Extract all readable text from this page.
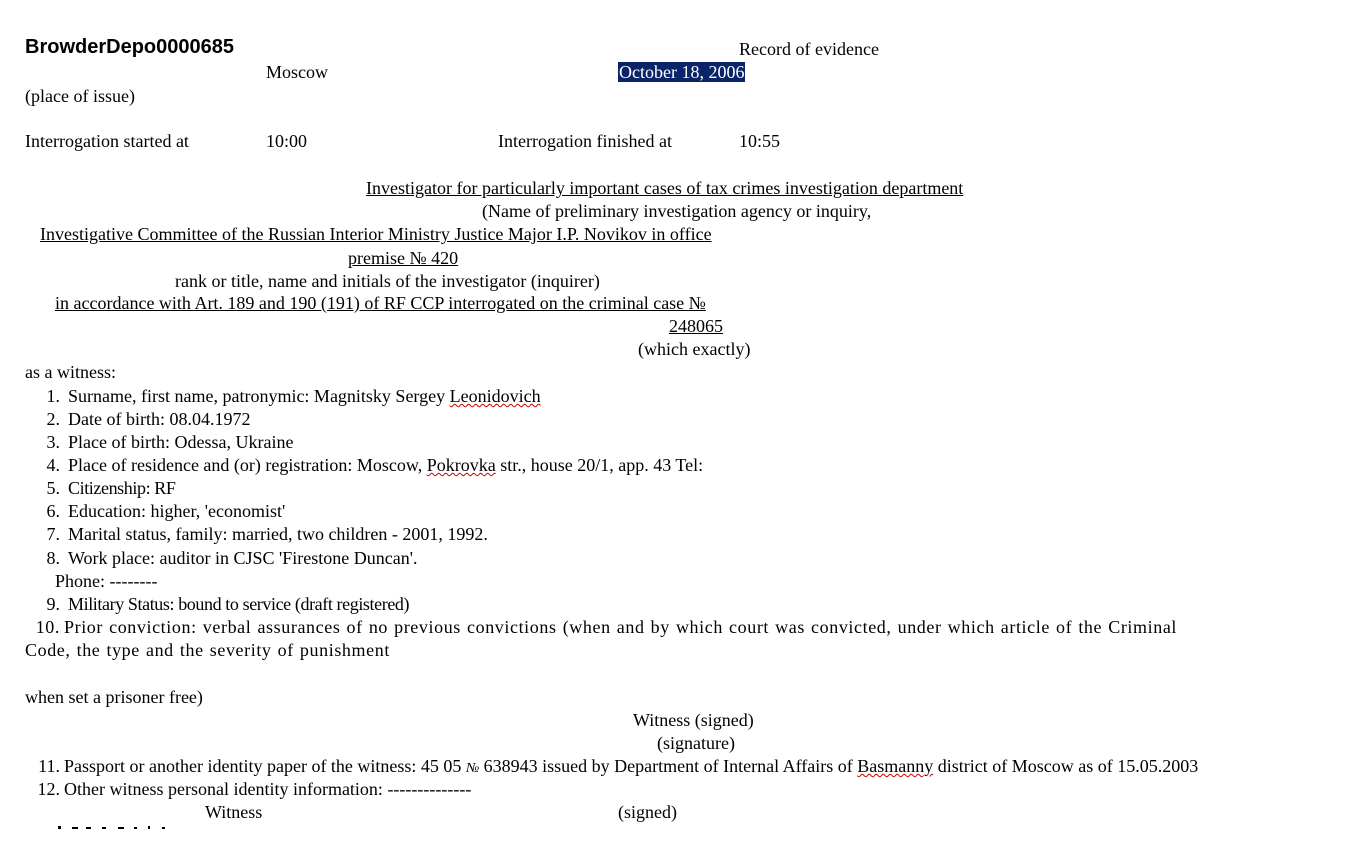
BrowderDepo0000685	Record of evidence
Moscow	October 18, 2006
(place of issue)
Interrogation started at	10:00	Interrogation finished at	10:55
Investigator for particularly important cases of tax crimes investigation department
(Name of preliminary investigation agency or inquiry,
Investigative Committee of the Russian Interior Ministry Justice Major I.P. Novikov in office
premise № 420
rank or title, name and initials of the investigator (inquirer)
in accordance with Art. 189 and 190 (191) of RF CCP interrogated on the criminal case №
248065
(which exactly)
as a witness:
1. Surname, first name, patronymic: Magnitsky Sergey Leonidovich
2. Date of birth: 08.04.1972
3. Place of birth: Odessa, Ukraine
4. Place of residence and (or) registration: Moscow, Pokrovka str., house 20/1, app. 43 Tel:
5. Citizenship: RF
6. Education: higher, 'economist'
7. Marital status, family: married, two children - 2001, 1992.
8. Work place: auditor in CJSC 'Firestone Duncan'.
Phone: --------
9. Military Status: bound to service (draft registered)
10. Prior conviction: verbal assurances of no previous convictions (when and by which court was convicted, under which article of the Criminal
Code, the type and the severity of punishment
when set a prisoner free)
Witness (signed)
(signature)
11. Passport or another identity paper of the witness: 45 05 № 638943 issued by Department of Internal Affairs of Basmanny district of Moscow as of 15.05.2003
12. Other witness personal identity information: --------------
Witness	(signed)
